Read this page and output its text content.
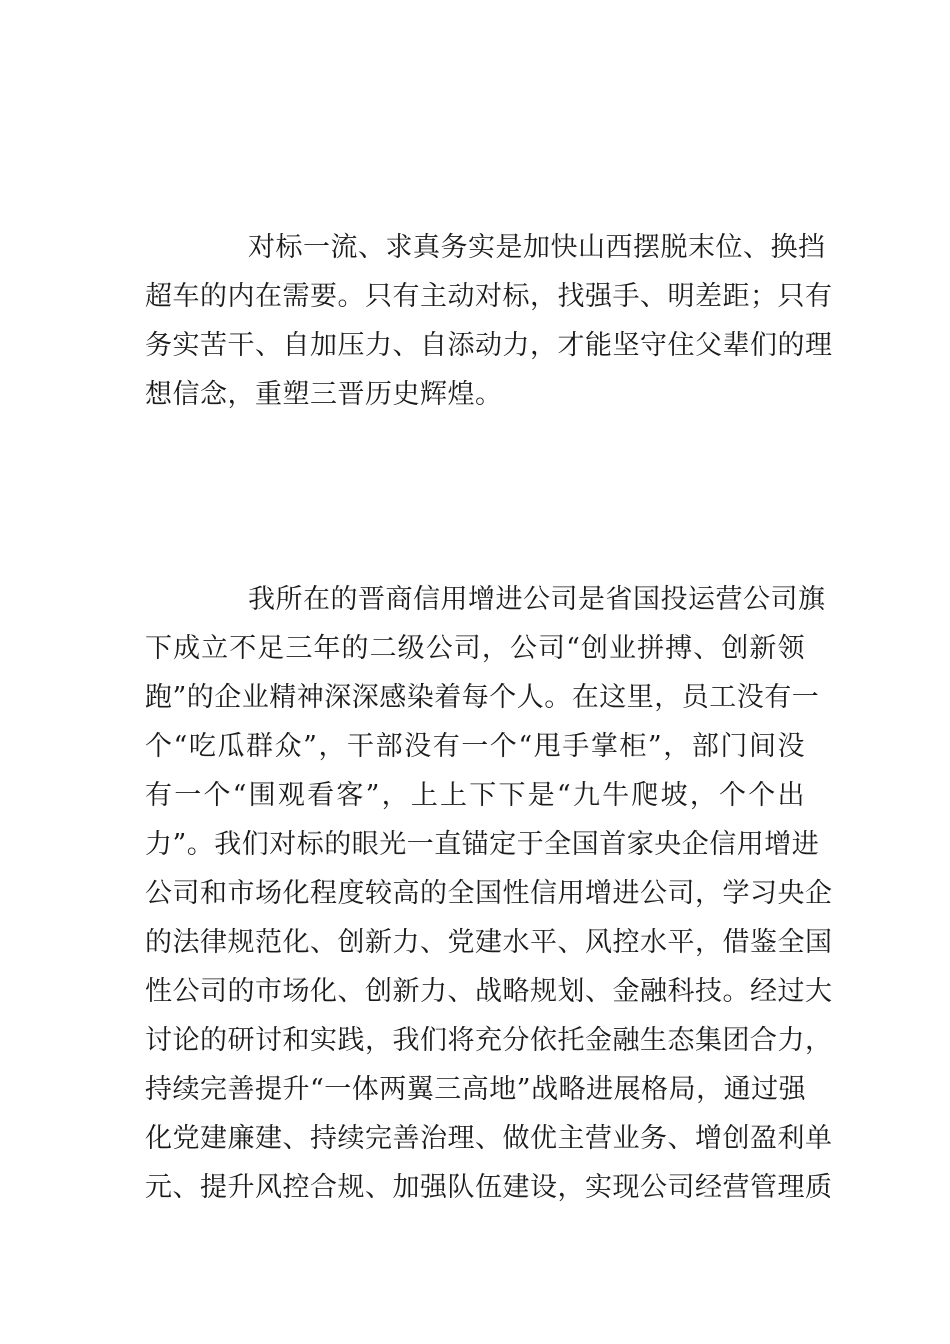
对标一流、求真务实是加快山西摆脱末位、换挡
超车的内在需要。只有主动对标，找强手、明差距；只有
务实苦干、自加压力、自添动力，才能坚守住父辈们的理
想信念，重塑三晋历史辉煌。
我所在的晋商信用增进公司是省国投运营公司旗
下成立不足三年的二级公司，公司“创业拼搏、创新领
跑”的企业精神深深感染着每个人。在这里，员工没有一
个“吃瓜群众”，干部没有一个“甩手掌柜”，部门间没
有一个“围观看客”，上上下下是“九牛爬坡，个个出
力”。我们对标的眼光一直锚定于全国首家央企信用增进
公司和市场化程度较高的全国性信用增进公司，学习央企
的法律规范化、创新力、党建水平、风控水平，借鉴全国
性公司的市场化、创新力、战略规划、金融科技。经过大
讨论的研讨和实践，我们将充分依托金融生态集团合力，
持续完善提升“一体两翼三高地”战略进展格局，通过强
化党建廉建、持续完善治理、做优主营业务、增创盈利单
元、提升风控合规、加强队伍建设，实现公司经营管理质
